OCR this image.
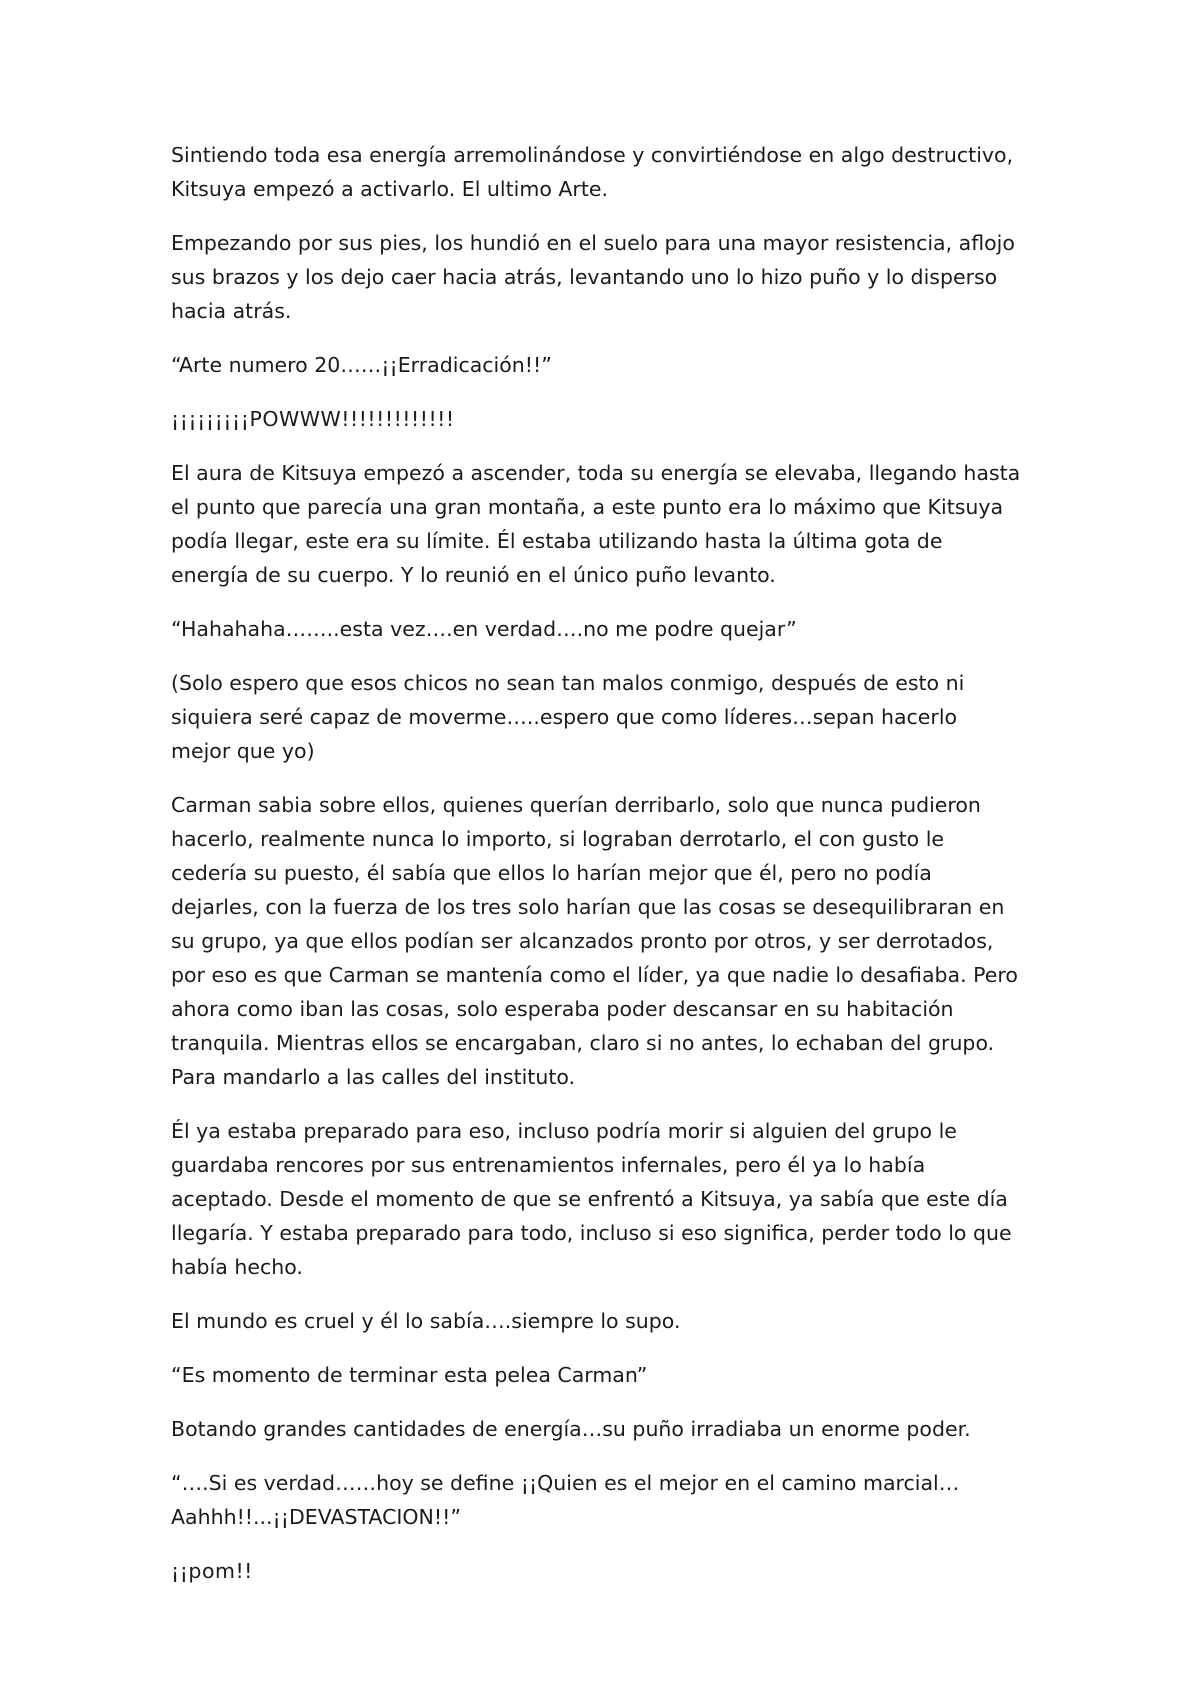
Sintiendo toda esa energía arremolinándose y convirtiéndose en algo destructivo, Kitsuya empezó a activarlo. El ultimo Arte.

Empezando por sus pies, los hundió en el suelo para una mayor resistencia, aflojo sus brazos y los dejo caer hacia atrás, levantando uno lo hizo puño y lo disperso hacia atrás.

“Arte numero 20……¡¡Erradicación!!”

¡¡¡¡¡¡¡¡¡POWWW!!!!!!!!!!!!!

El aura de Kitsuya empezó a ascender, toda su energía se elevaba, llegando hasta el punto que parecía una gran montaña, a este punto era lo máximo que Kitsuya podía llegar, este era su límite. Él estaba utilizando hasta la última gota de energía de su cuerpo. Y lo reunió en el único puño levanto.

“Hahahaha……..esta vez….en verdad….no me podre quejar”

(Solo espero que esos chicos no sean tan malos conmigo, después de esto ni siquiera seré capaz de moverme…..espero que como líderes…sepan hacerlo mejor que yo)

Carman sabia sobre ellos, quienes querían derribarlo, solo que nunca pudieron hacerlo, realmente nunca lo importo, si lograban derrotarlo, el con gusto le cedería su puesto, él sabía que ellos lo harían mejor que él, pero no podía dejarles, con la fuerza de los tres solo harían que las cosas se desequilibraran en su grupo, ya que ellos podían ser alcanzados pronto por otros, y ser derrotados, por eso es que Carman se mantenía como el líder, ya que nadie lo desafiaba. Pero ahora como iban las cosas, solo esperaba poder descansar en su habitación tranquila. Mientras ellos se encargaban, claro si no antes, lo echaban del grupo. Para mandarlo a las calles del instituto.

Él ya estaba preparado para eso, incluso podría morir si alguien del grupo le guardaba rencores por sus entrenamientos infernales, pero él ya lo había aceptado. Desde el momento de que se enfrentó a Kitsuya, ya sabía que este día llegaría. Y estaba preparado para todo, incluso si eso significa, perder todo lo que había hecho.

El mundo es cruel y él lo sabía….siempre lo supo.

“Es momento de terminar esta pelea Carman”

Botando grandes cantidades de energía…su puño irradiaba un enorme poder.

“….Si es verdad……hoy se define ¡¡Quien es el mejor en el camino marcial…Aahhh!!...¡¡DEVASTACION!!”

¡¡pom!!
